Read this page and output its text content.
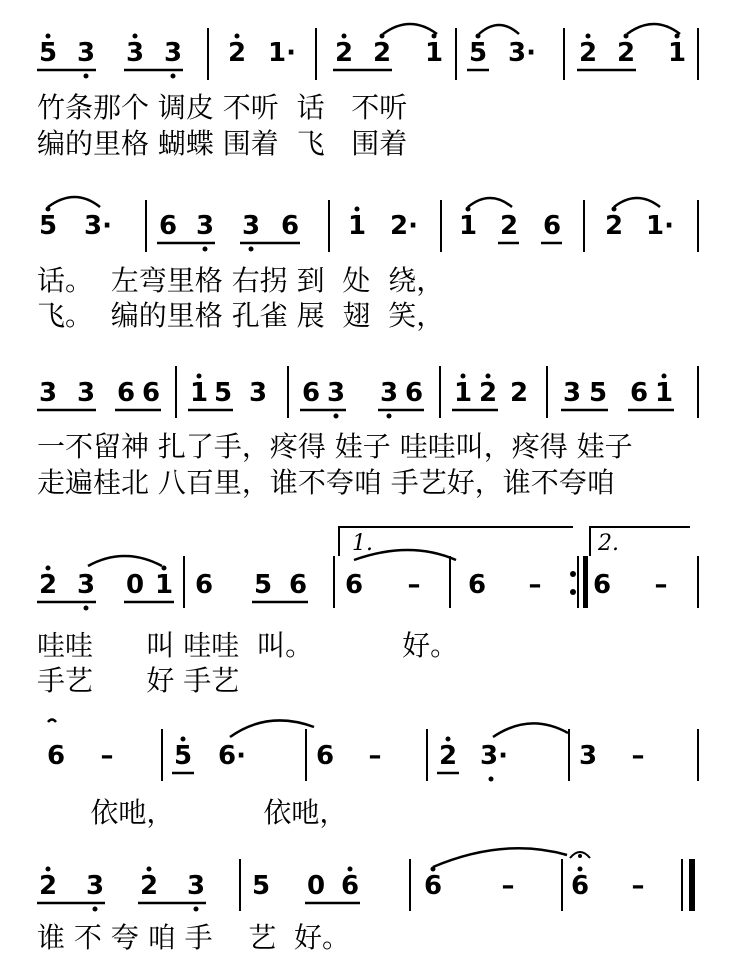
5 3 3 3 2 1· 2 2 1 5 3· 2 2 1
竹条那个 调皮 不听  话   不听
编的里格 蝴蝶 围着  飞   围着
5 3· 6 3 3 6 1 2· 1 2 6 2 1·
话。  左弯里格 右拐 到  处  绕，
飞。  编的里格 孔雀 展  翅  笑，
3 3 6 6 1 5 3 6 3 3 6 1 2 2 3 5 6 1
一不留神 扎了手，疼得 娃子 哇哇叫，疼得 娃子
走遍桂北 八百里，谁不夸咱 手艺好，谁不夸咱
2 3 0 1 6 5 6 6 – 6 – 6 –
1.	2.
哇哇      叫 哇哇  叫。          好。
手艺      好 手艺
6 – 5 6·	6 – 2 3·	3 –
依吔，          依吔，
2 3 2 3 5 0 6 6 – 6 –
谁 不 夸 咱 手    艺  好。
